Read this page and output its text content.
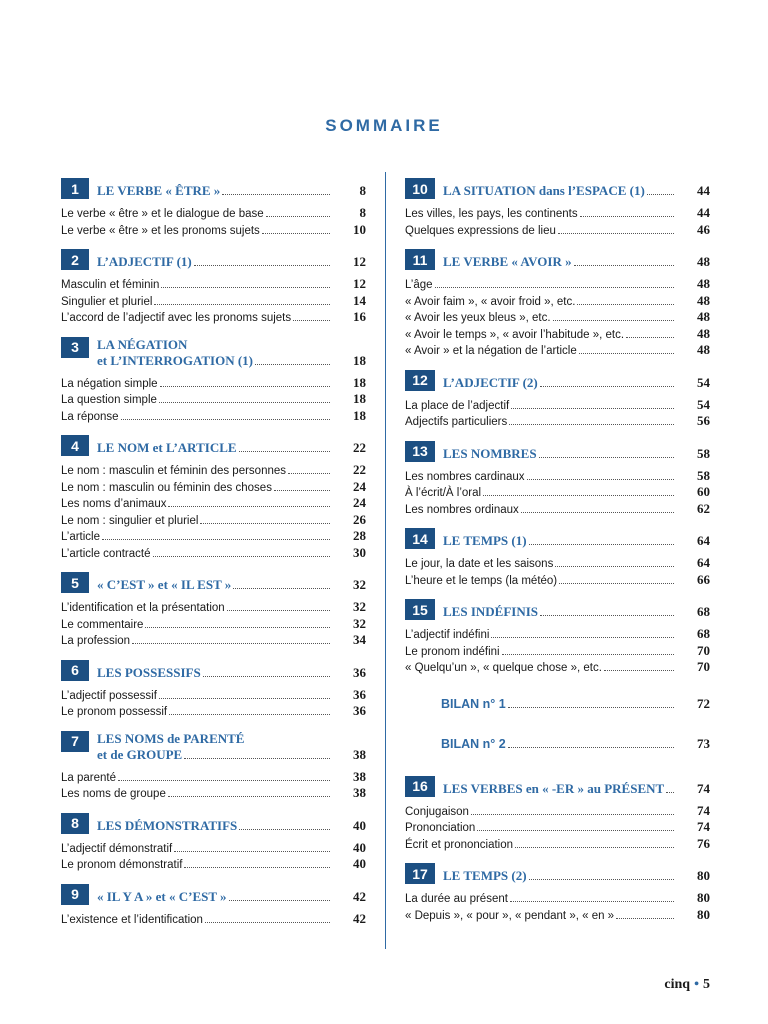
SOMMAIRE
1	LE VERBE « ÊTRE »	8
Le verbe « être » et le dialogue de base	8
Le verbe « être » et les pronoms sujets	10
2	L’ADJECTIF (1)	12
Masculin et féminin	12
Singulier et pluriel	14
L’accord de l’adjectif avec les pronoms sujets	16
3	LA NÉGATION
et L’INTERROGATION (1)	18
La négation simple	18
La question simple	18
La réponse	18
4	LE NOM et L’ARTICLE	22
Le nom : masculin et féminin des personnes	22
Le nom : masculin ou féminin des choses	24
Les noms d’animaux	24
Le nom : singulier et pluriel	26
L’article	28
L’article contracté	30
5	« C’EST » et « IL EST »	32
L’identification et la présentation	32
Le commentaire	32
La profession	34
6	LES POSSESSIFS	36
L’adjectif possessif	36
Le pronom possessif	36
7	LES NOMS de PARENTÉ
et de GROUPE	38
La parenté	38
Les noms de groupe	38
8	LES DÉMONSTRATIFS	40
L’adjectif démonstratif	40
Le pronom démonstratif	40
9	« IL Y A » et « C’EST »	42
L’existence et l’identification	42
10	LA SITUATION dans l’ESPACE (1)	44
Les villes, les pays, les continents	44
Quelques expressions de lieu	46
11	LE VERBE « AVOIR »	48
L’âge	48
« Avoir faim », « avoir froid », etc.	48
« Avoir les yeux bleus », etc.	48
« Avoir le temps », « avoir l’habitude », etc.	48
« Avoir » et la négation de l’article	48
12	L’ADJECTIF (2)	54
La place de l’adjectif	54
Adjectifs particuliers	56
13	LES NOMBRES	58
Les nombres cardinaux	58
À l’écrit/À l’oral	60
Les nombres ordinaux	62
14	LE TEMPS (1)	64
Le jour, la date et les saisons	64
L’heure et le temps (la météo)	66
15	LES INDÉFINIS	68
L’adjectif indéfini	68
Le pronom indéfini	70
« Quelqu’un », « quelque chose », etc.	70
BILAN n° 1	72
BILAN n° 2	73
16	LES VERBES en « -ER » au PRÉSENT	74
Conjugaison	74
Prononciation	74
Écrit et prononciation	76
17	LE TEMPS (2)	80
La durée au présent	80
« Depuis », « pour », « pendant », « en »	80
cinq • 5
